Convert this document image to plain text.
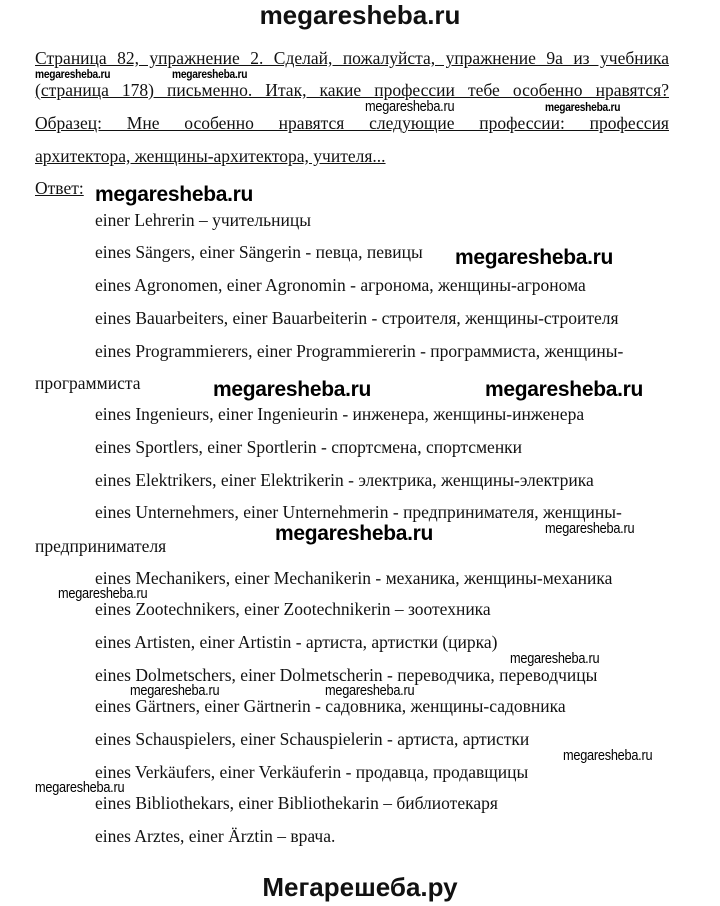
megaresheba.ru
Страница 82, упражнение 2. Сделай, пожалуйста, упражнение 9а из учебника
(страница 178) письменно. Итак, какие профессии тебе особенно нравятся?
Образец: Мне особенно нравятся следующие профессии: профессия
архитектора, женщины-архитектора, учителя...
Ответ:
einer Lehrerin – учительницы
eines Sängers, einer Sängerin - певца, певицы
eines Agronomen, einer Agronomin - агронома, женщины-агронома
eines Bauarbeiters, einer Bauarbeiterin - строителя, женщины-строителя
eines Programmierers, einer Programmiererin - программиста, женщины-
программиста
eines Ingenieurs, einer Ingenieurin - инженера, женщины-инженера
eines Sportlers, einer Sportlerin - спортсмена, спортсменки
eines Elektrikers, einer Elektrikerin - электрика, женщины-электрика
eines Unternehmers, einer Unternehmerin - предпринимателя, женщины-
предпринимателя
eines Mechanikers, einer Mechanikerin - механика, женщины-механика
eines Zootechnikers, einer Zootechnikerin – зоотехника
eines Artisten, einer Artistin - артиста, артистки (цирка)
eines Dolmetschers, einer Dolmetscherin - переводчика, переводчицы
eines Gärtners, einer Gärtnerin - садовника, женщины-садовника
eines Schauspielers, einer Schauspielerin - артиста, артистки
eines Verkäufers, einer Verkäuferin - продавца, продавщицы
eines Bibliothekars, einer Bibliothekarin – библиотекаря
eines Arztes, einer Ärztin – врача.
megaresheba.ru	megaresheba.ru
megaresheba.ru	megaresheba.ru
megaresheba.ru
megaresheba.ru
megaresheba.ru	megaresheba.ru
megaresheba.ru	megaresheba.ru
megaresheba.ru
megaresheba.ru
megaresheba.ru	megaresheba.ru
megaresheba.ru
megaresheba.ru
Мегарешеба.ру
